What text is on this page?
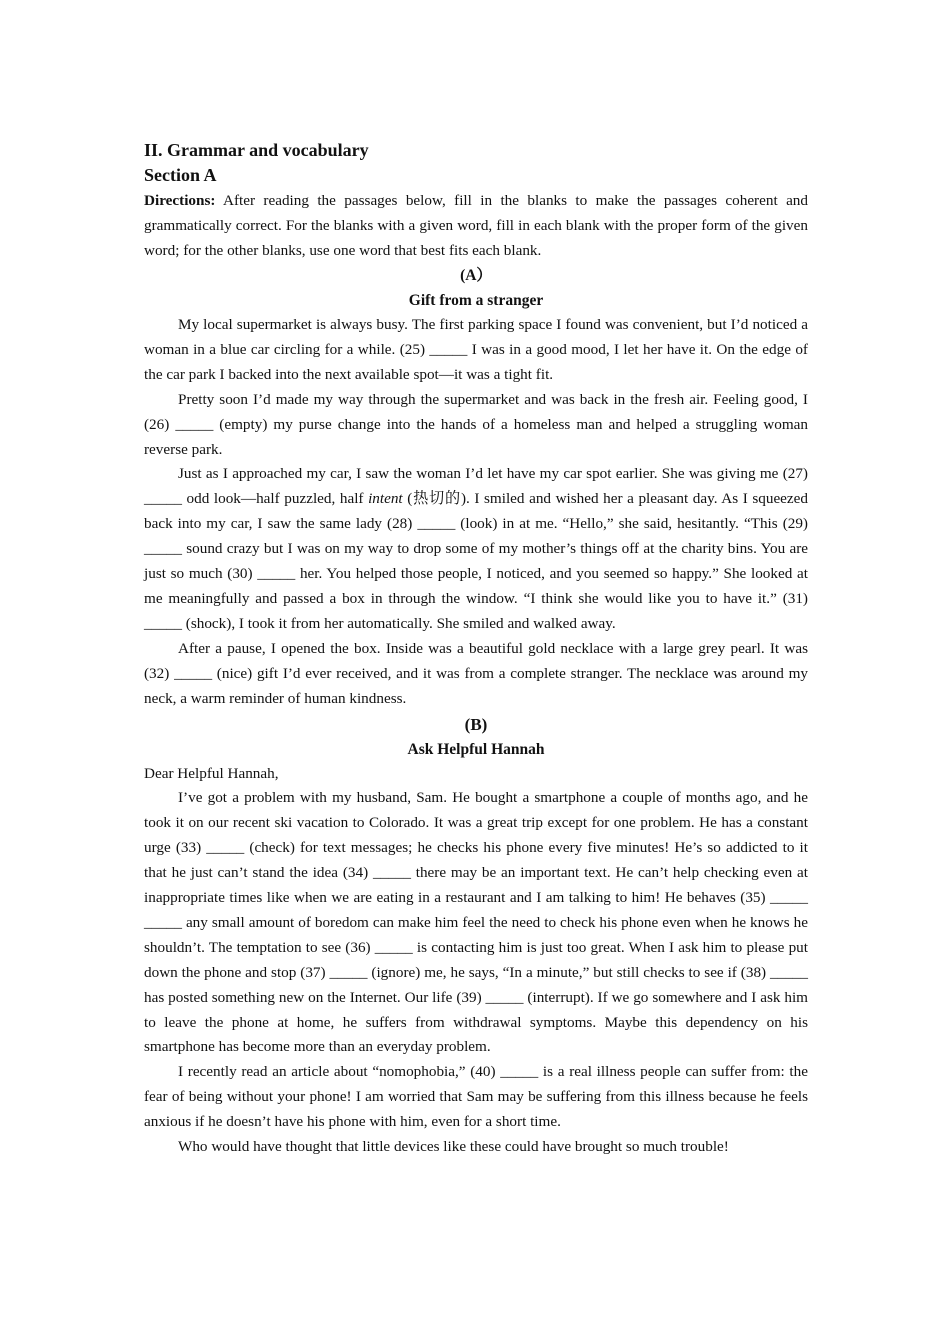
II. Grammar and vocabulary

Section A

Directions: After reading the passages below, fill in the blanks to make the passages coherent and grammatically correct. For the blanks with a given word, fill in each blank with the proper form of the given word; for the other blanks, use one word that best fits each blank.

(A）

Gift from a stranger

My local supermarket is always busy. The first parking space I found was convenient, but I’d noticed a woman in a blue car circling for a while. (25) _____ I was in a good mood, I let her have it. On the edge of the car park I backed into the next available spot—it was a tight fit.

Pretty soon I’d made my way through the supermarket and was back in the fresh air. Feeling good, I (26) _____ (empty) my purse change into the hands of a homeless man and helped a struggling woman reverse park.

Just as I approached my car, I saw the woman I’d let have my car spot earlier. She was giving me (27) _____ odd look—half puzzled, half intent (热切的). I smiled and wished her a pleasant day. As I squeezed back into my car, I saw the same lady (28) _____ (look) in at me. “Hello,” she said, hesitantly. “This (29) _____ sound crazy but I was on my way to drop some of my mother’s things off at the charity bins. You are just so much (30) _____ her. You helped those people, I noticed, and you seemed so happy.” She looked at me meaningfully and passed a box in through the window. “I think she would like you to have it.” (31) _____ (shock), I took it from her automatically. She smiled and walked away.

After a pause, I opened the box. Inside was a beautiful gold necklace with a large grey pearl. It was (32) _____ (nice) gift I’d ever received, and it was from a complete stranger. The necklace was around my neck, a warm reminder of human kindness.

(B)

Ask Helpful Hannah

Dear Helpful Hannah,

I’ve got a problem with my husband, Sam. He bought a smartphone a couple of months ago, and he took it on our recent ski vacation to Colorado. It was a great trip except for one problem. He has a constant urge (33) _____ (check) for text messages; he checks his phone every five minutes! He’s so addicted to it that he just can’t stand the idea (34) _____ there may be an important text. He can’t help checking even at inappropriate times like when we are eating in a restaurant and I am talking to him! He behaves (35) _____ _____ any small amount of boredom can make him feel the need to check his phone even when he knows he shouldn’t. The temptation to see (36) _____ is contacting him is just too great. When I ask him to please put down the phone and stop (37) _____ (ignore) me, he says, “In a minute,” but still checks to see if (38) _____ has posted something new on the Internet. Our life (39) _____ (interrupt). If we go somewhere and I ask him to leave the phone at home, he suffers from withdrawal symptoms. Maybe this dependency on his smartphone has become more than an everyday problem.

I recently read an article about “nomophobia,” (40) _____ is a real illness people can suffer from: the fear of being without your phone! I am worried that Sam may be suffering from this illness because he feels anxious if he doesn’t have his phone with him, even for a short time.

Who would have thought that little devices like these could have brought so much trouble!
